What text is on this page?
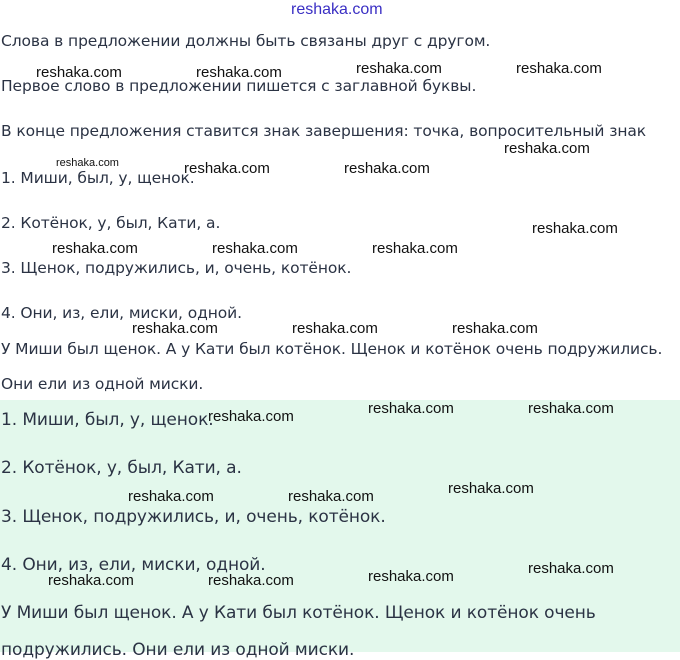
reshaka.com
Слова в предложении должны быть связаны друг с другом.
Первое слово в предложении пишется с заглавной буквы.
В конце предложения ставится знак завершения: точка, вопросительный знак
1. Миши, был, у, щенок.
2. Котёнок, у, был, Кати, а.
3. Щенок, подружились, и, очень, котёнок.
4. Они, из, ели, миски, одной.
У Миши был щенок. А у Кати был котёнок. Щенок и котёнок очень подружились.
Они ели из одной миски.
1. Миши, был, у, щенок.
2. Котёнок, у, был, Кати, а.
3. Щенок, подружились, и, очень, котёнок.
4. Они, из, ели, миски, одной.
У Миши был щенок. А у Кати был котёнок. Щенок и котёнок очень
подружились. Они ели из одной миски.
reshaka.com	reshaka.com	reshaka.com	reshaka.com
reshaka.com
reshaka.com	reshaka.com	reshaka.com
reshaka.com
reshaka.com	reshaka.com	reshaka.com
reshaka.com	reshaka.com	reshaka.com
reshaka.com	reshaka.com	reshaka.com
reshaka.com	reshaka.com	reshaka.com
reshaka.com	reshaka.com	reshaka.com	reshaka.com
